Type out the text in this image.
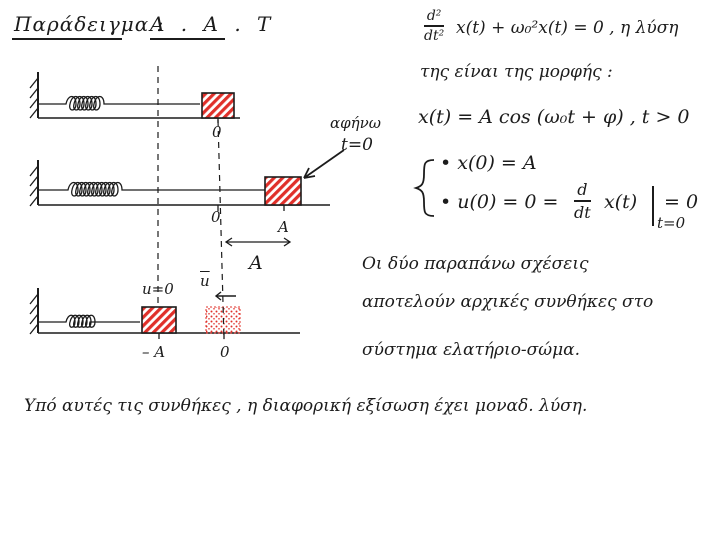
Παράδειγμα :
Α . Α . Τ
0	αφήνω
t=0
0
A
A
u=0 $\overline{u}$
– A	0
d²
dt² x(t) + ω₀²x(t) = 0 , η λύση
της είναι της μορφής :
x(t) = A cos (ω₀t + φ) , t > 0
• x(0) = A
• u(0) = 0 =
d
dt x(t)
t=0
= 0
Οι δύο παραπάνω σχέσεις
αποτελούν αρχικές συνθήκες στο
σύστημα ελατήριο-σώμα.
Υπό αυτές τις συνθήκες , η διαφορική εξίσωση έχει μοναδ. λύση.
